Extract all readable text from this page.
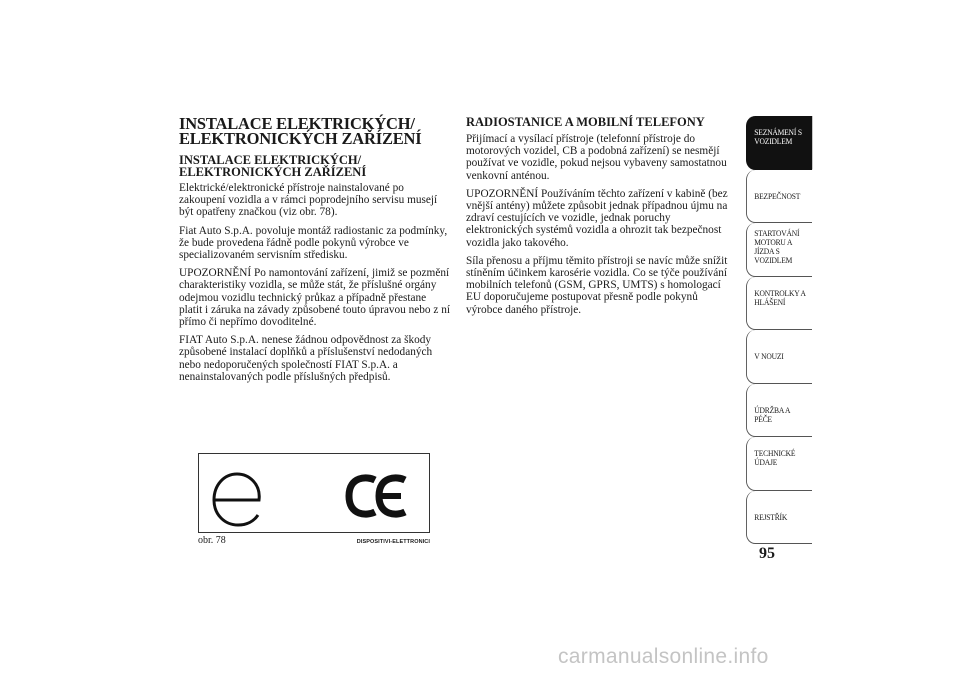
INSTALACE ELEKTRICKÝCH/ ELEKTRONICKÝCH ZAŘÍZENÍ
INSTALACE ELEKTRICKÝCH/ ELEKTRONICKÝCH ZAŘÍZENÍ

Elektrické/elektronické přístroje nainstalované po zakoupení vozidla a v rámci poprodejního servisu musejí být opatřeny značkou (viz obr. 78).

Fiat Auto S.p.A. povoluje montáž radiostanic za podmínky, že bude provedena řádně podle pokynů výrobce ve specializovaném servisním středisku.

UPOZORNĚNÍ Po namontování zařízení, jimiž se pozmění charakteristiky vozidla, se může stát, že příslušné orgány odejmou vozidlu technický průkaz a případně přestane platit i záruka na závady způsobené touto úpravou nebo z ní přímo či nepřímo dovoditelné.

FIAT Auto S.p.A. nenese žádnou odpovědnost za škody způsobené instalací doplňků a příslušenství nedodaných nebo nedoporučených společností FIAT S.p.A. a nenainstalovaných podle příslušných předpisů.

RADIOSTANICE A MOBILNÍ TELEFONY

Přijímací a vysílací přístroje (telefonní přístroje do motorových vozidel, CB a podobná zařízení) se nesmějí používat ve vozidle, pokud nejsou vybaveny samostatnou venkovní anténou.

UPOZORNĚNÍ Používáním těchto zařízení v kabině (bez vnější antény) můžete způsobit jednak případnou újmu na zdraví cestujících ve vozidle, jednak poruchy elektronických systémů vozidla a ohrozit tak bezpečnost vozidla jako takového.

Síla přenosu a příjmu těmito přístroji se navíc může snížit stíněním účinkem karosérie vozidla. Co se týče používání mobilních telefonů (GSM, GPRS, UMTS) s homologací EU doporučujeme postupovat přesně podle pokynů výrobce daného přístroje.

obr. 78	DISPOSITIVI-ELETTRONICI
SEZNÁMENÍ S VOZIDLEM
BEZPEČNOST
STARTOVÁNÍ MOTORU A JÍZDA S VOZIDLEM
KONTROLKY A HLÁŠENÍ
V NOUZI
ÚDRŽBA A PÉČE
TECHNICKÉ ÚDAJE
REJSTŘÍK
95
carmanualsonline.info
